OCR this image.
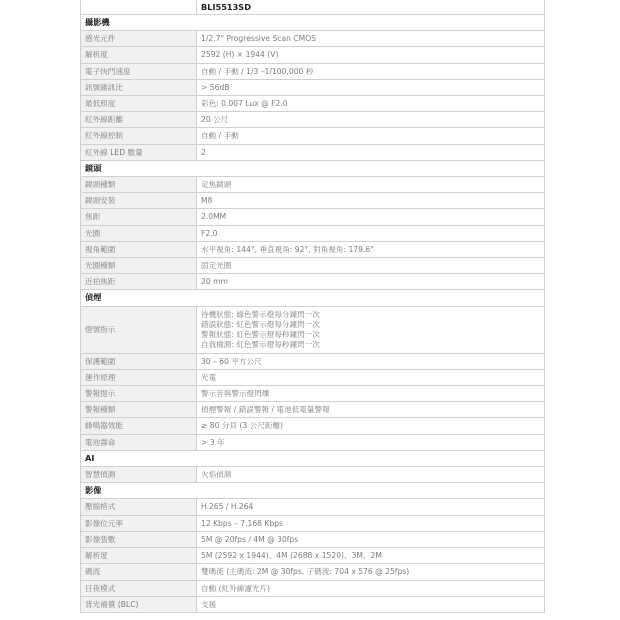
	BLI5513SD
攝影機	
感光元件	1/2.7" Progressive Scan CMOS
解析度	2592 (H) × 1944 (V)
電子快門速度	自動 / 手動 / 1/3 –1/100,000 秒
訊號雜訊比	> 56dB
最低照度	彩色: 0.007 Lux @ F2.0
紅外線距離	20 公尺
紅外線控制	自動 / 手動
紅外線 LED 數量	2
鏡頭	
鏡頭種類	定焦鏡頭
鏡頭安裝	M8
焦距	2.0MM
光圈	F2.0
視角範圍	水平視角: 144°, 垂直視角: 92°, 對角視角: 179.6°
光圈種類	固定光圈
近拍焦距	20 mm
偵煙	
燈號指示	待機狀態: 綠色警示燈每分鐘閃一次
錯誤狀態: 紅色警示燈每分鐘閃一次
警報狀態: 紅色警示燈每秒鐘閃一次
自我檢測: 紅色警示燈每秒鐘閃一次

保護範圍	30 – 60 平方公尺
運作原理	光電
警報提示	警示音與警示燈閃爍
警報種類	偵煙警報 / 錯誤警報 / 電池低電量警報
蜂鳴器效能	≥ 80 分貝 (3 公尺距離)
電池壽命	> 3 年
AI	
智慧偵測	火焰偵測
影像	
壓縮格式	H.265 / H.264
影像位元率	12 Kbps – 7,168 Kbps
影像張數	5M @ 20fps / 4M @ 30fps
解析度	5M (2592 x 1944)、4M (2688 x 1520)、3M、2M
碼流	雙碼流 (主碼流: 2M @ 30fps, 子碼流: 704 x 576 @ 25fps)
日夜模式	自動 (紅外線濾光片)
背光補償 (BLC)	支援
